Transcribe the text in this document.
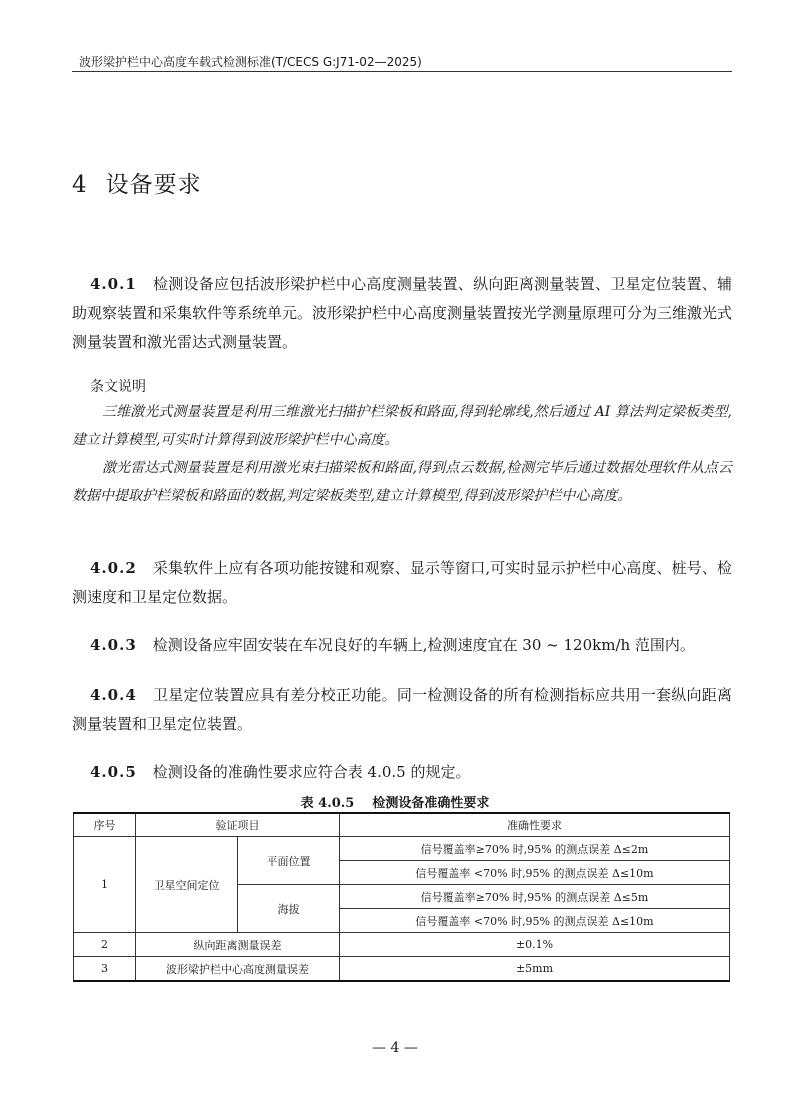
波形梁护栏中心高度车载式检测标准(T/CECS G:J71-02—2025)
4 设备要求
4.0.1 检测设备应包括波形梁护栏中心高度测量装置、纵向距离测量装置、卫星定位装置、辅助观察装置和采集软件等系统单元。波形梁护栏中心高度测量装置按光学测量原理可分为三维激光式测量装置和激光雷达式测量装置。
条文说明
三维激光式测量装置是利用三维激光扫描护栏梁板和路面,得到轮廓线,然后通过 AI 算法判定梁板类型,建立计算模型,可实时计算得到波形梁护栏中心高度。
激光雷达式测量装置是利用激光束扫描梁板和路面,得到点云数据,检测完毕后通过数据处理软件从点云数据中提取护栏梁板和路面的数据,判定梁板类型,建立计算模型,得到波形梁护栏中心高度。
4.0.2 采集软件上应有各项功能按键和观察、显示等窗口,可实时显示护栏中心高度、桩号、检测速度和卫星定位数据。
4.0.3 检测设备应牢固安装在车况良好的车辆上,检测速度宜在 30 ~ 120km/h 范围内。
4.0.4 卫星定位装置应具有差分校正功能。同一检测设备的所有检测指标应共用一套纵向距离测量装置和卫星定位装置。
4.0.5 检测设备的准确性要求应符合表 4.0.5 的规定。
表 4.0.5 检测设备准确性要求
序号	验证项目		准确性要求
1	卫星空间定位	平面位置	信号覆盖率≥70% 时,95% 的测点误差 Δ≤2m
			信号覆盖率 <70% 时,95% 的测点误差 Δ≤10m
		海拔	信号覆盖率≥70% 时,95% 的测点误差 Δ≤5m
			信号覆盖率 <70% 时,95% 的测点误差 Δ≤10m
2	纵向距离测量误差		±0.1%
3	波形梁护栏中心高度测量误差		±5mm
— 4 —
